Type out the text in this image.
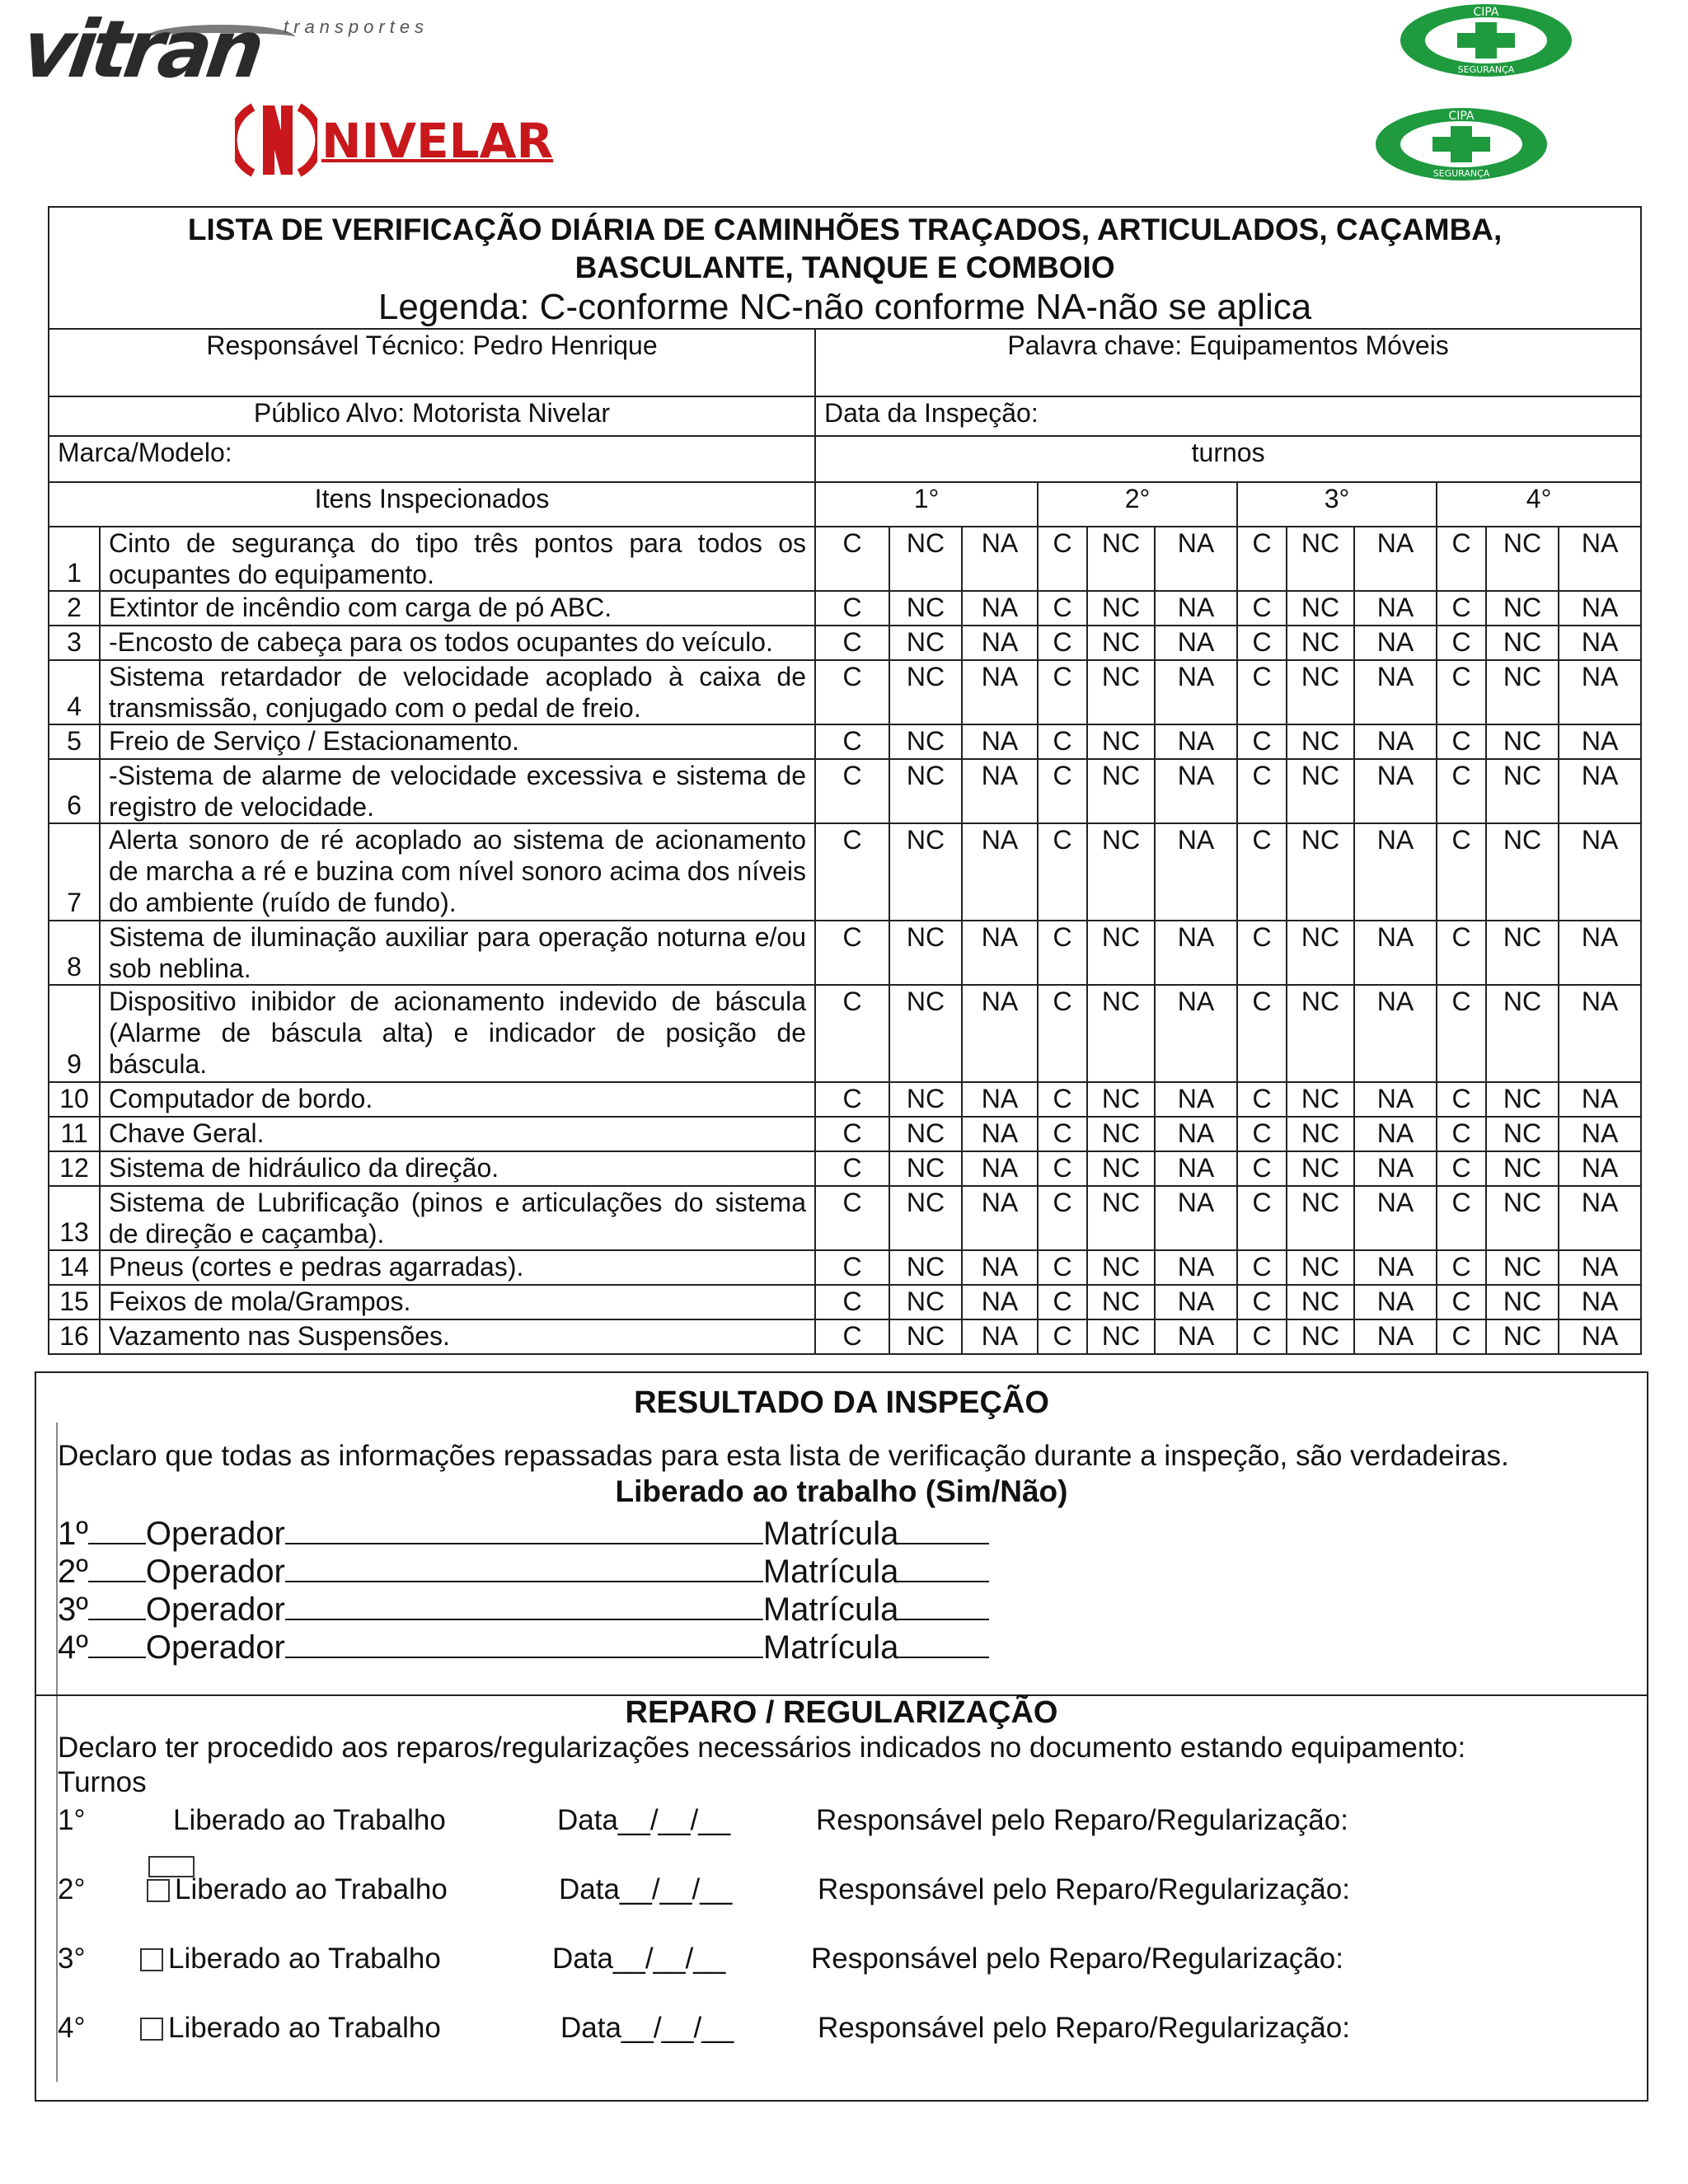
vitran transportes
NIVELAR
CIPA
SEGURANÇA
CIPA
SEGURANÇA
LISTA DE VERIFICAÇÃO DIÁRIA DE CAMINHÕES TRAÇADOS, ARTICULADOS, CAÇAMBA,
BASCULANTE, TANQUE E COMBOIO
Legenda: C-conforme NC-não conforme NA-não se aplica													

Responsável Técnico: Pedro Henrique		Palavra chave: Equipamentos Móveis											
Público Alvo: Motorista Nivelar		Data da Inspeção:											
Marca/Modelo:		turnos											
Itens Inspecionados		1°			2°			3°			4°		
1	Cinto de segurança do tipo três pontos para todos os ocupantes do equipamento.	C	NC	NA	C	NC	NA	C	NC	NA	C	NC	NA
2	Extintor de incêndio com carga de pó ABC.	C	NC	NA	C	NC	NA	C	NC	NA	C	NC	NA
3	-Encosto de cabeça para os todos ocupantes do veículo.	C	NC	NA	C	NC	NA	C	NC	NA	C	NC	NA
4	Sistema retardador de velocidade acoplado à caixa de transmissão, conjugado com o pedal de freio.	C	NC	NA	C	NC	NA	C	NC	NA	C	NC	NA
5	Freio de Serviço / Estacionamento.	C	NC	NA	C	NC	NA	C	NC	NA	C	NC	NA
6	-Sistema de alarme de velocidade excessiva e sistema de registro de velocidade.	C	NC	NA	C	NC	NA	C	NC	NA	C	NC	NA
7	Alerta sonoro de ré acoplado ao sistema de acionamento de marcha a ré e buzina com nível sonoro acima dos níveis do ambiente (ruído de fundo).	C	NC	NA	C	NC	NA	C	NC	NA	C	NC	NA
8	Sistema de iluminação auxiliar para operação noturna e/ou sob neblina.	C	NC	NA	C	NC	NA	C	NC	NA	C	NC	NA
9	Dispositivo inibidor de acionamento indevido de báscula (Alarme de báscula alta) e indicador de posição de báscula.	C	NC	NA	C	NC	NA	C	NC	NA	C	NC	NA
10	Computador de bordo.	C	NC	NA	C	NC	NA	C	NC	NA	C	NC	NA
11	Chave Geral.	C	NC	NA	C	NC	NA	C	NC	NA	C	NC	NA
12	Sistema de hidráulico da direção.	C	NC	NA	C	NC	NA	C	NC	NA	C	NC	NA
13	Sistema de Lubrificação (pinos e articulações do sistema de direção e caçamba).	C	NC	NA	C	NC	NA	C	NC	NA	C	NC	NA
14	Pneus (cortes e pedras agarradas).	C	NC	NA	C	NC	NA	C	NC	NA	C	NC	NA
15	Feixos de mola/Grampos.	C	NC	NA	C	NC	NA	C	NC	NA	C	NC	NA
16	Vazamento nas Suspensões.	C	NC	NA	C	NC	NA	C	NC	NA	C	NC	NA
RESULTADO DA INSPEÇÃO
Declaro que todas as informações repassadas para esta lista de verificação durante a inspeção, são verdadeiras.
Liberado ao trabalho (Sim/Não)
1º Operador	Matrícula
2º Operador	Matrícula
3º Operador	Matrícula
4º Operador	Matrícula
REPARO / REGULARIZAÇÃO
Declaro ter procedido aos reparos/regularizações necessários indicados no documento estando equipamento:
Turnos
1°	Liberado ao Trabalho	Data__/__/__	Responsável pelo Reparo/Regularização:
2°	Liberado ao Trabalho	Data__/__/__	Responsável pelo Reparo/Regularização:
3°	Liberado ao Trabalho	Data__/__/__	Responsável pelo Reparo/Regularização:
4°	Liberado ao Trabalho	Data__/__/__	Responsável pelo Reparo/Regularização:
